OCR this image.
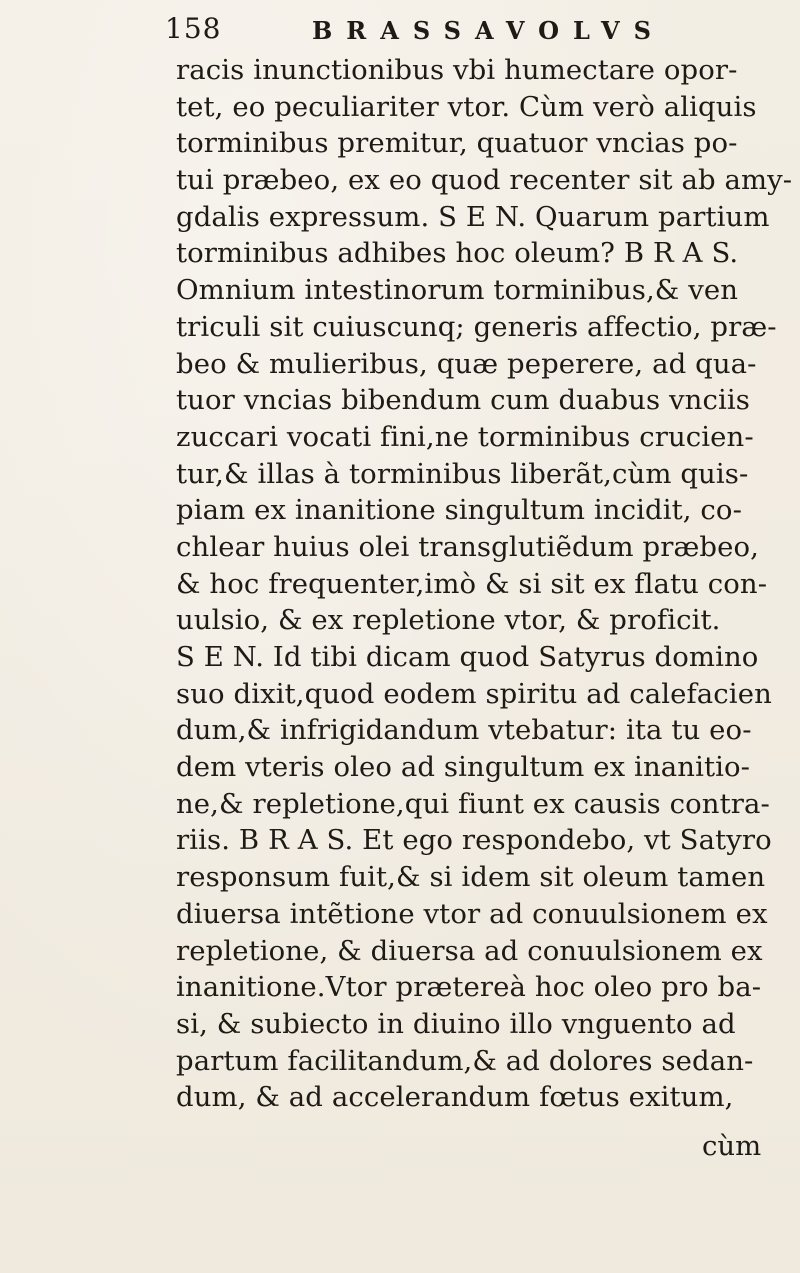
158	BRASSAVOLVS
racis inunctionibus vbi humectare opor-
tet, eo peculiariter vtor. Cùm verò aliquis
torminibus premitur, quatuor vncias po-
tui præbeo, ex eo quod recenter sit ab amy-
gdalis expressum. S E N. Quarum partium
torminibus adhibes hoc oleum? B R A S.
Omnium intestinorum torminibus,& ven
triculi sit cuiuscunq; generis affectio, præ-
beo & mulieribus, quæ peperere, ad qua-
tuor vncias bibendum cum duabus vnciis
zuccari vocati fini,ne torminibus crucien-
tur,& illas à torminibus liberãt,cùm quis-
piam ex inanitione singultum incidit, co-
chlear huius olei transglutiẽdum præbeo,
& hoc frequenter,imò & si sit ex flatu con-
uulsio, & ex repletione vtor, & proficit.
S E N. Id tibi dicam quod Satyrus domino
suo dixit,quod eodem spiritu ad calefacien
dum,& infrigidandum vtebatur: ita tu eo-
dem vteris oleo ad singultum ex inanitio-
ne,& repletione,qui fiunt ex causis contra-
riis. B R A S. Et ego respondebo, vt Satyro
responsum fuit,& si idem sit oleum tamen
diuersa intẽtione vtor ad conuulsionem ex
repletione, & diuersa ad conuulsionem ex
inanitione.Vtor prætereà hoc oleo pro ba-
si, & subiecto in diuino illo vnguento ad
partum facilitandum,& ad dolores sedan-
dum, & ad accelerandum fœtus exitum,
cùm
